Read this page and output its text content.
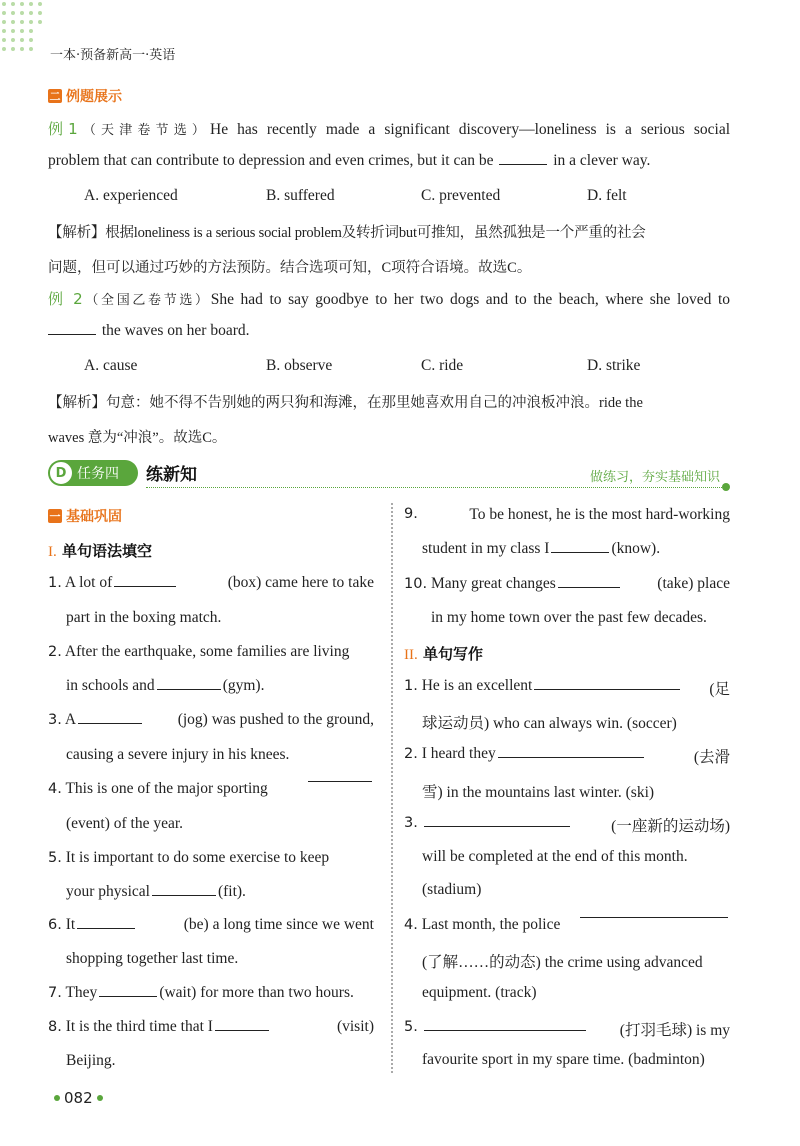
一本·预备新高一·英语
二 例题展示
例1（天津卷节选）He has recently made a significant discovery—loneliness is a serious social
problem that can contribute to depression and even crimes, but it can be	in a clever way.
A. experienced	B. suffered	C. prevented	D. felt
【解析】根据loneliness is a serious social problem及转折词but可推知，虽然孤独是一个严重的社会
问题，但可以通过巧妙的方法预防。结合选项可知，C项符合语境。故选C。
例 2（全国乙卷节选）She had to say goodbye to her two dogs and to the beach, where she loved to
the waves on her board.
A. cause	B. observe	C. ride	D. strike
【解析】句意：她不得不告别她的两只狗和海滩，在那里她喜欢用自己的冲浪板冲浪。ride the
waves 意为“冲浪”。故选C。
D 任务四 练新知	做练习，夯实基础知识
一 基础巩固
I. 单句语法填空
1. A lot of	(box) came here to take
part in the boxing match.
2. After the earthquake, some families are living
in schools and	(gym).
3. A	(jog) was pushed to the ground,
causing a severe injury in his knees.
4. This is one of the major sporting
(event) of the year.
5. It is important to do some exercise to keep
your physical	(fit).
6. It	(be) a long time since we went
shopping together last time.
7. They	(wait) for more than two hours.
8. It is the third time that I	(visit)
Beijing.
9.	To be honest, he is the most hard-working
student in my class I	(know).
10. Many great changes	(take) place
in my home town over the past few decades.
II. 单句写作
1. He is an excellent	(足
球运动员) who can always win. (soccer)
2. I heard they	(去滑
雪) in the mountains last winter. (ski)
3.	(一座新的运动场)
will be completed at the end of this month.
(stadium)
4. Last month, the police
(了解……的动态) the crime using advanced
equipment. (track)
5.	(打羽毛球) is my
favourite sport in my spare time. (badminton)
082
